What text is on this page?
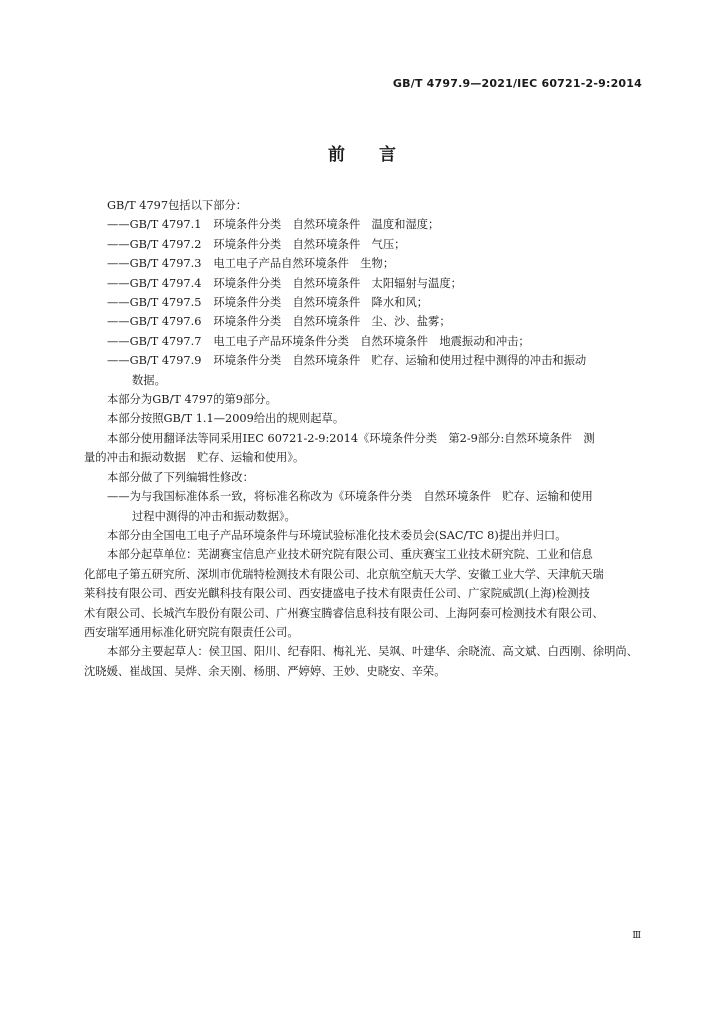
GB/T 4797.9—2021/IEC 60721-2-9:2014
前言

GB/T 4797包括以下部分：

——GB/T 4797.1 环境条件分类　自然环境条件　温度和湿度；

——GB/T 4797.2 环境条件分类　自然环境条件　气压；

——GB/T 4797.3 电工电子产品自然环境条件　生物；

——GB/T 4797.4 环境条件分类　自然环境条件　太阳辐射与温度；

——GB/T 4797.5 环境条件分类　自然环境条件　降水和风；

——GB/T 4797.6 环境条件分类　自然环境条件　尘、沙、盐雾；

——GB/T 4797.7 电工电子产品环境条件分类　自然环境条件　地震振动和冲击；

——GB/T 4797.9 环境条件分类　自然环境条件　贮存、运输和使用过程中测得的冲击和振动

数据。

本部分为GB/T 4797的第9部分。

本部分按照GB/T 1.1—2009给出的规则起草。

本部分使用翻译法等同采用IEC 60721-2-9:2014《环境条件分类　第2-9部分:自然环境条件　测

量的冲击和振动数据　贮存、运输和使用》。

本部分做了下列编辑性修改：

——为与我国标准体系一致，将标准名称改为《环境条件分类　自然环境条件　贮存、运输和使用

过程中测得的冲击和振动数据》。

本部分由全国电工电子产品环境条件与环境试验标准化技术委员会(SAC/TC 8)提出并归口。

本部分起草单位：芜湖赛宝信息产业技术研究院有限公司、重庆赛宝工业技术研究院、工业和信息

化部电子第五研究所、深圳市优瑞特检测技术有限公司、北京航空航天大学、安徽工业大学、天津航天瑞

莱科技有限公司、西安光麒科技有限公司、西安捷盛电子技术有限责任公司、广家院威凯(上海)检测技

术有限公司、长城汽车股份有限公司、广州赛宝腾睿信息科技有限公司、上海阿泰可检测技术有限公司、

西安瑞军通用标准化研究院有限责任公司。

本部分主要起草人：侯卫国、阳川、纪春阳、梅礼光、吴飒、叶建华、余晓流、高文斌、白西刚、徐明尚、

沈晓媛、崔战国、吴烨、余天刚、杨朋、严婷婷、王妙、史晓安、辛荣。

Ⅲ
